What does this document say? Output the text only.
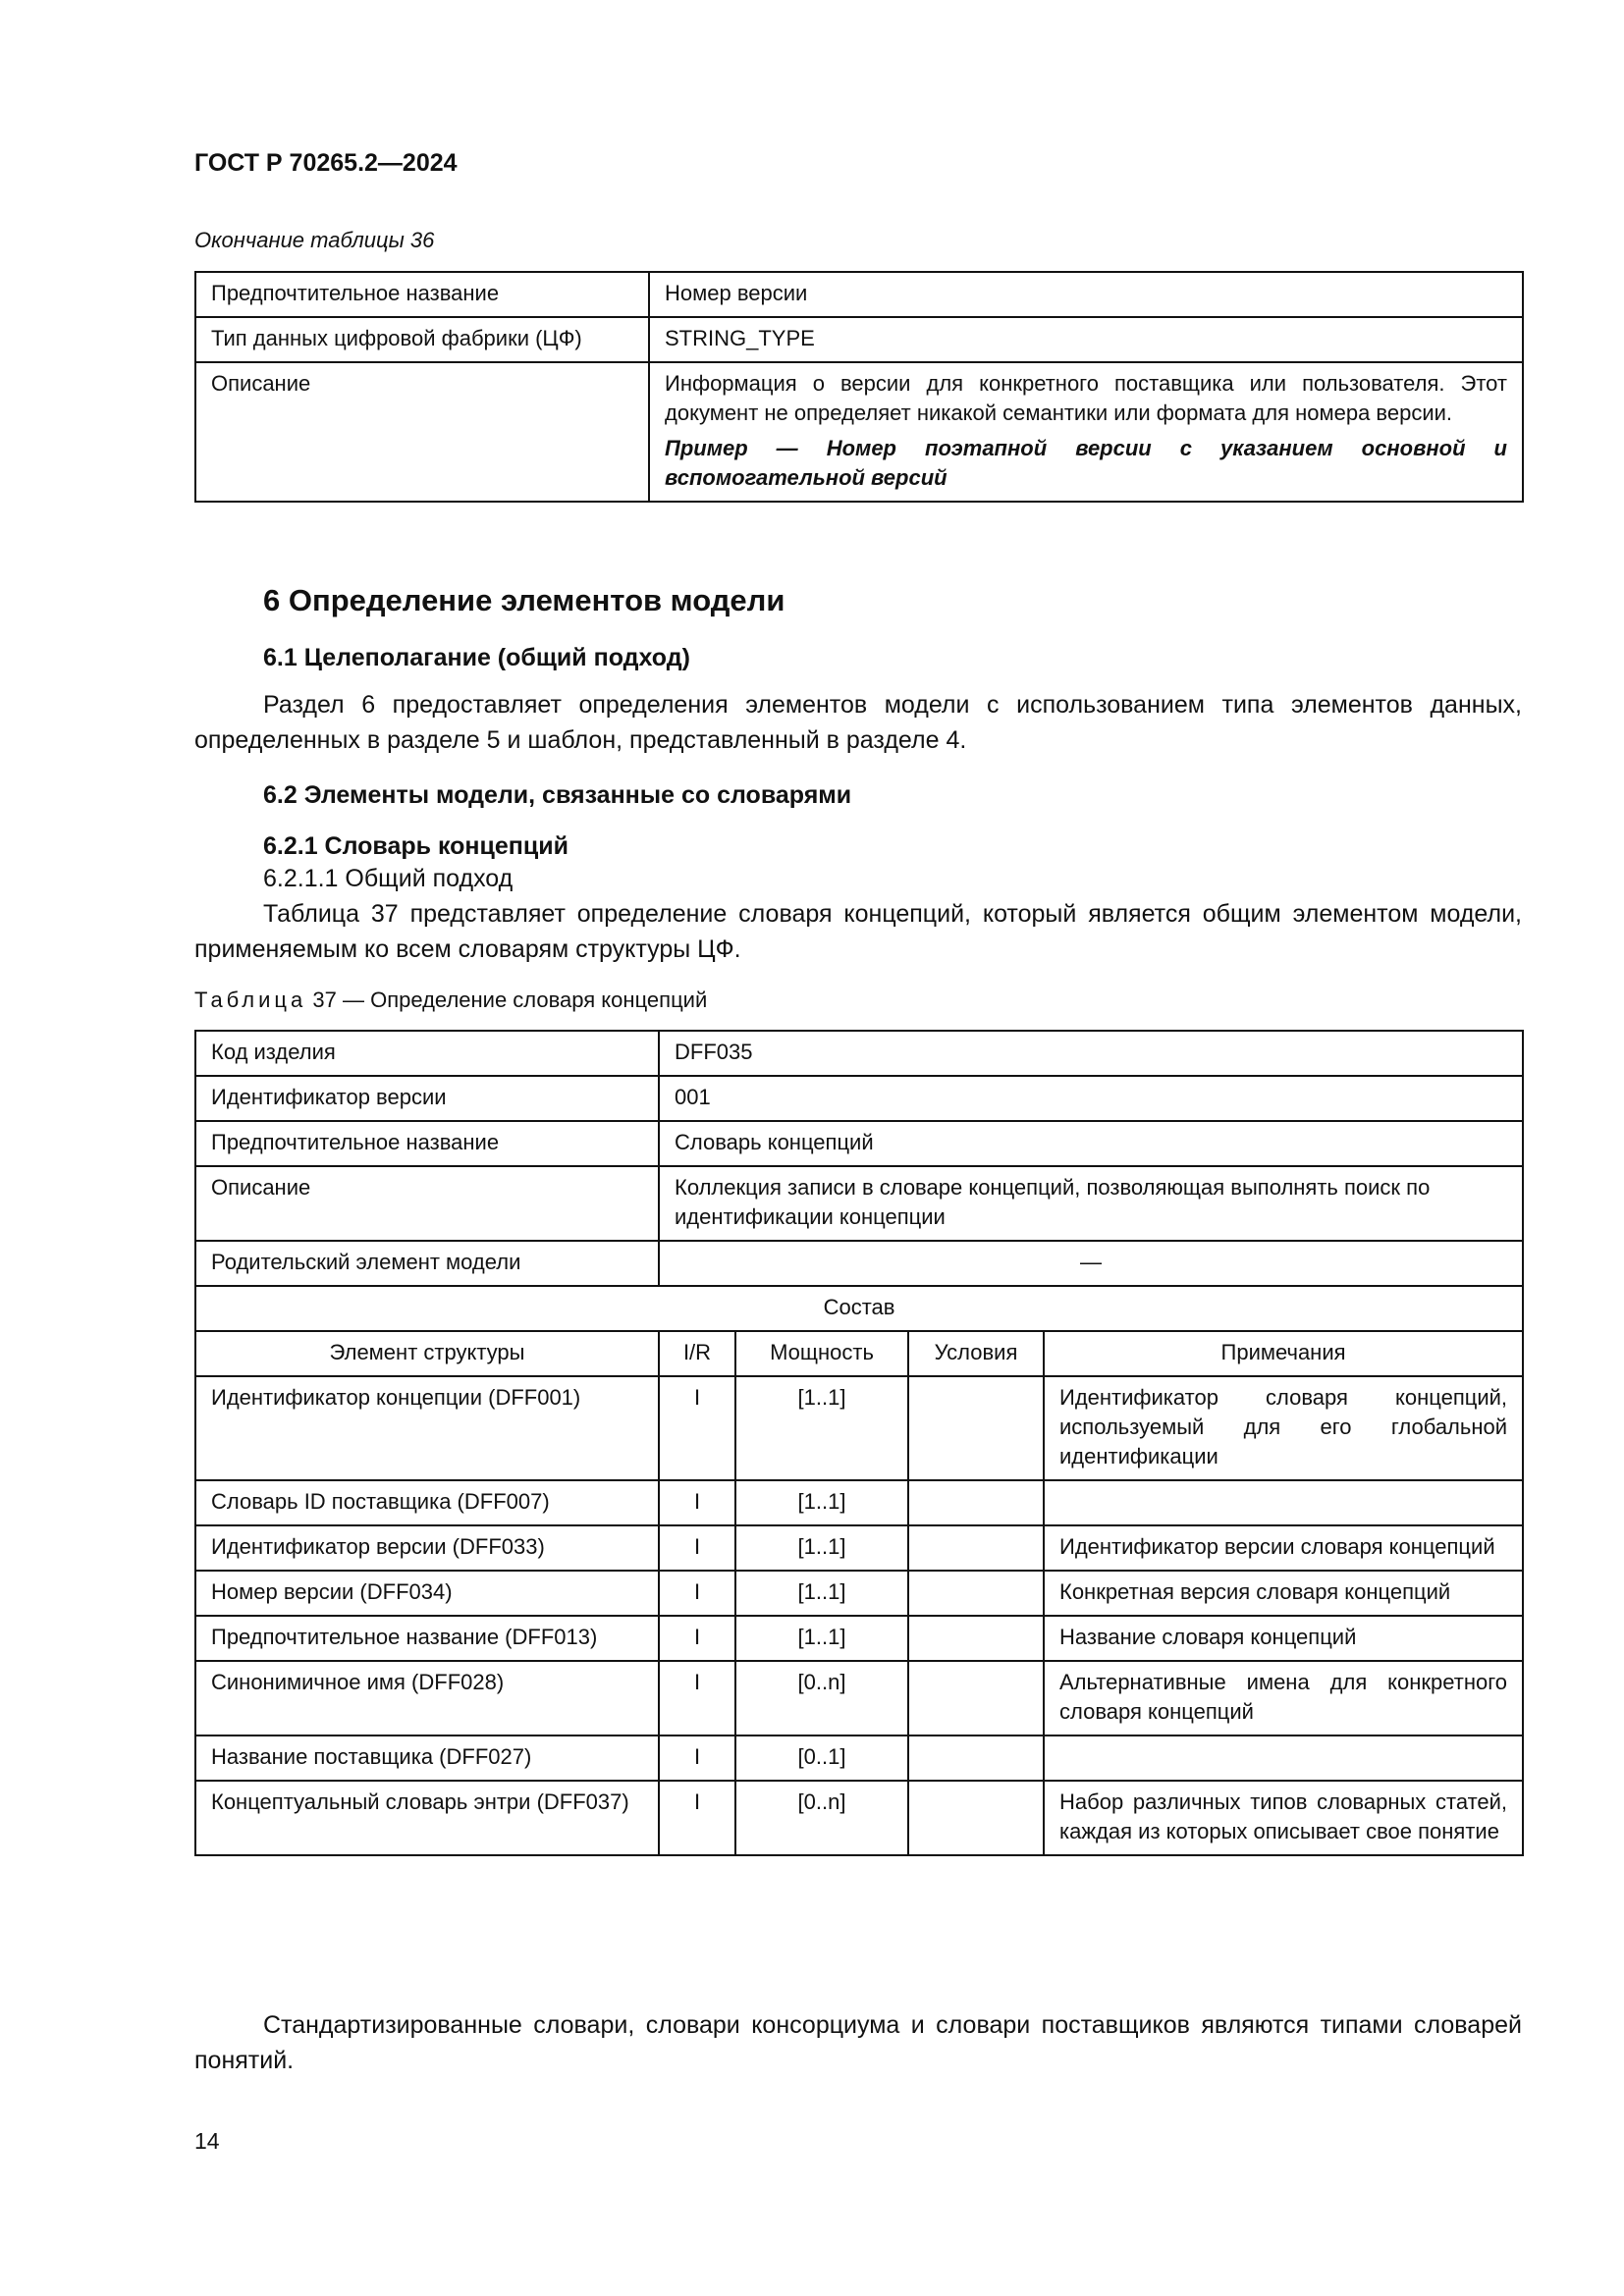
ГОСТ Р 70265.2—2024
Окончание таблицы 36
Предпочтительное название	Номер версии
Тип данных цифровой фабрики (ЦФ)	STRING_TYPE
Описание	Информация о версии для конкретного поставщика или пользователя. Этот документ не определяет никакой семантики или формата для номера версии.
Пример — Номер поэтапной версии с указанием основной и вспомогательной версий
6 Определение элементов модели
6.1 Целеполагание (общий подход)
Раздел 6 предоставляет определения элементов модели с использованием типа элементов данных, определенных в разделе 5 и шаблон, представленный в разделе 4.
6.2 Элементы модели, связанные со словарями
6.2.1 Словарь концепций
6.2.1.1 Общий подход
Таблица 37 представляет определение словаря концепций, который является общим элементом модели, применяемым ко всем словарям структуры ЦФ.
Таблица 37 — Определение словаря концепций
Код изделия	DFF035			
Идентификатор версии	001			
Предпочтительное название	Словарь концепций			
Описание	Коллекция записи в словаре концепций, позволяющая выполнять поиск по идентификации концепции			
Родительский элемент модели	—			
Состав				
Элемент структуры	I/R	Мощность	Условия	Примечания
Идентификатор концепции (DFF001)	I	[1..1]		Идентификатор словаря концепций, используемый для его глобальной идентификации
Словарь ID поставщика (DFF007)	I	[1..1]		
Идентификатор версии (DFF033)	I	[1..1]		Идентификатор версии словаря концепций
Номер версии (DFF034)	I	[1..1]		Конкретная версия словаря концепций
Предпочтительное название (DFF013)	I	[1..1]		Название словаря концепций
Синонимичное имя (DFF028)	I	[0..n]		Альтернативные имена для конкретного словаря концепций
Название поставщика (DFF027)	I	[0..1]		
Концептуальный словарь энтри (DFF037)	I	[0..n]		Набор различных типов словарных статей, каждая из которых описывает свое понятие
Стандартизированные словари, словари консорциума и словари поставщиков являются типами словарей понятий.
14
